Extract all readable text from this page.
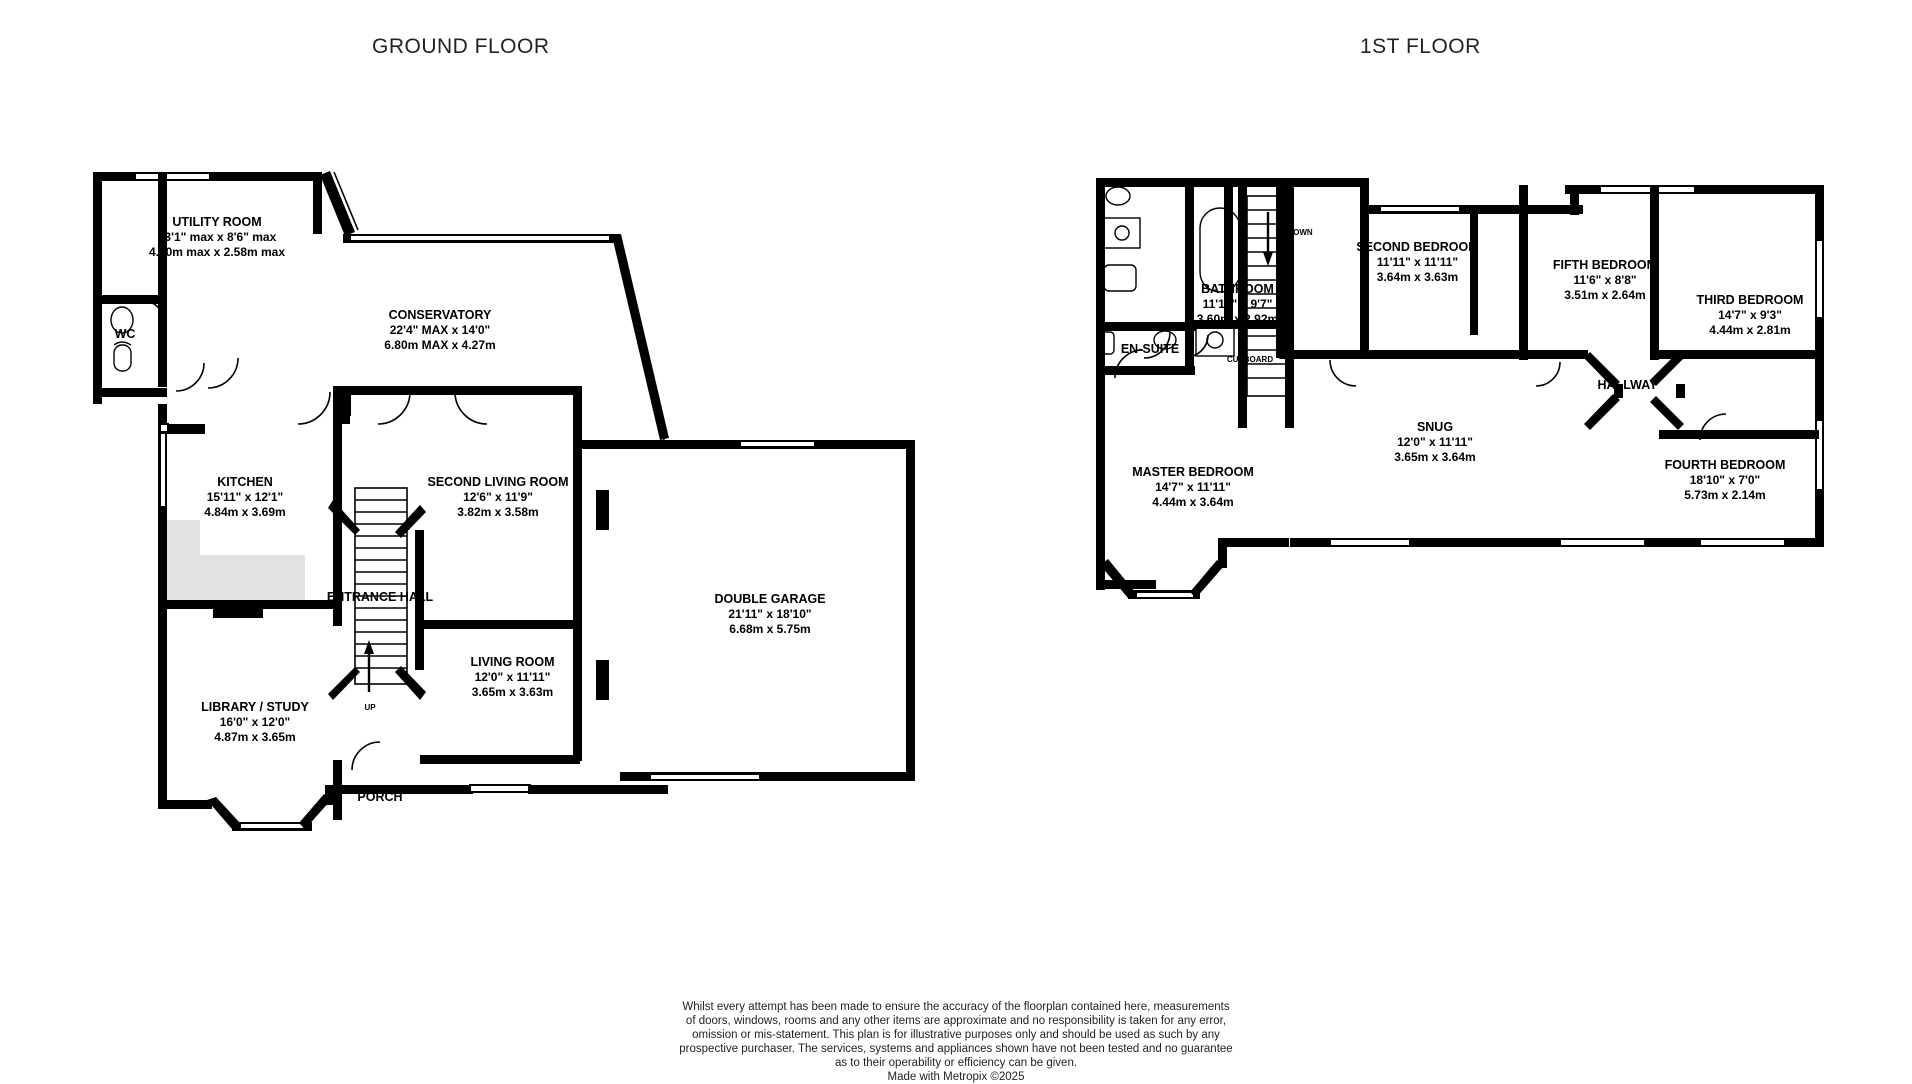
GROUND FLOOR	1ST FLOOR
UTILITY ROOM
13'1" max x 8'6" max
4.00m max x 2.58m max
WC
CONSERVATORY
22'4" MAX x 14'0"
6.80m MAX x 4.27m
KITCHEN
15'11" x 12'1"
4.84m x 3.69m
SECOND LIVING ROOM
12'6" x 11'9"
3.82m x 3.58m
ENTRANCE HALL	DOUBLE GARAGE
21'11" x 18'10"
6.68m x 5.75m
LIVING ROOM
12'0" x 11'11"
3.65m x 3.63m
LIBRARY / STUDY
16'0" x 12'0"
4.87m x 3.65m
PORCH
UP
BATHROOM
11'10" x 9'7"
3.60m x 2.92m
EN-SUITE
CUPBOARD LANDING
SECOND BEDROOM
11'11" x 11'11"
3.64m x 3.63m
FIFTH BEDROOM
11'6" x 8'8"
3.51m x 2.64m	THIRD BEDROOM
14'7" x 9'3"
4.44m x 2.81m
HALLWAY
SNUG
12'0" x 11'11"
3.65m x 3.64m
FOURTH BEDROOM
18'10" x 7'0"
5.73m x 2.14m
MASTER BEDROOM
14'7" x 11'11"
4.44m x 3.64m
DOWN
Whilst every attempt has been made to ensure the accuracy of the floorplan contained here, measurements
of doors, windows, rooms and any other items are approximate and no responsibility is taken for any error,
omission or mis-statement. This plan is for illustrative purposes only and should be used as such by any
prospective purchaser. The services, systems and appliances shown have not been tested and no guarantee
as to their operability or efficiency can be given.
Made with Metropix ©2025
